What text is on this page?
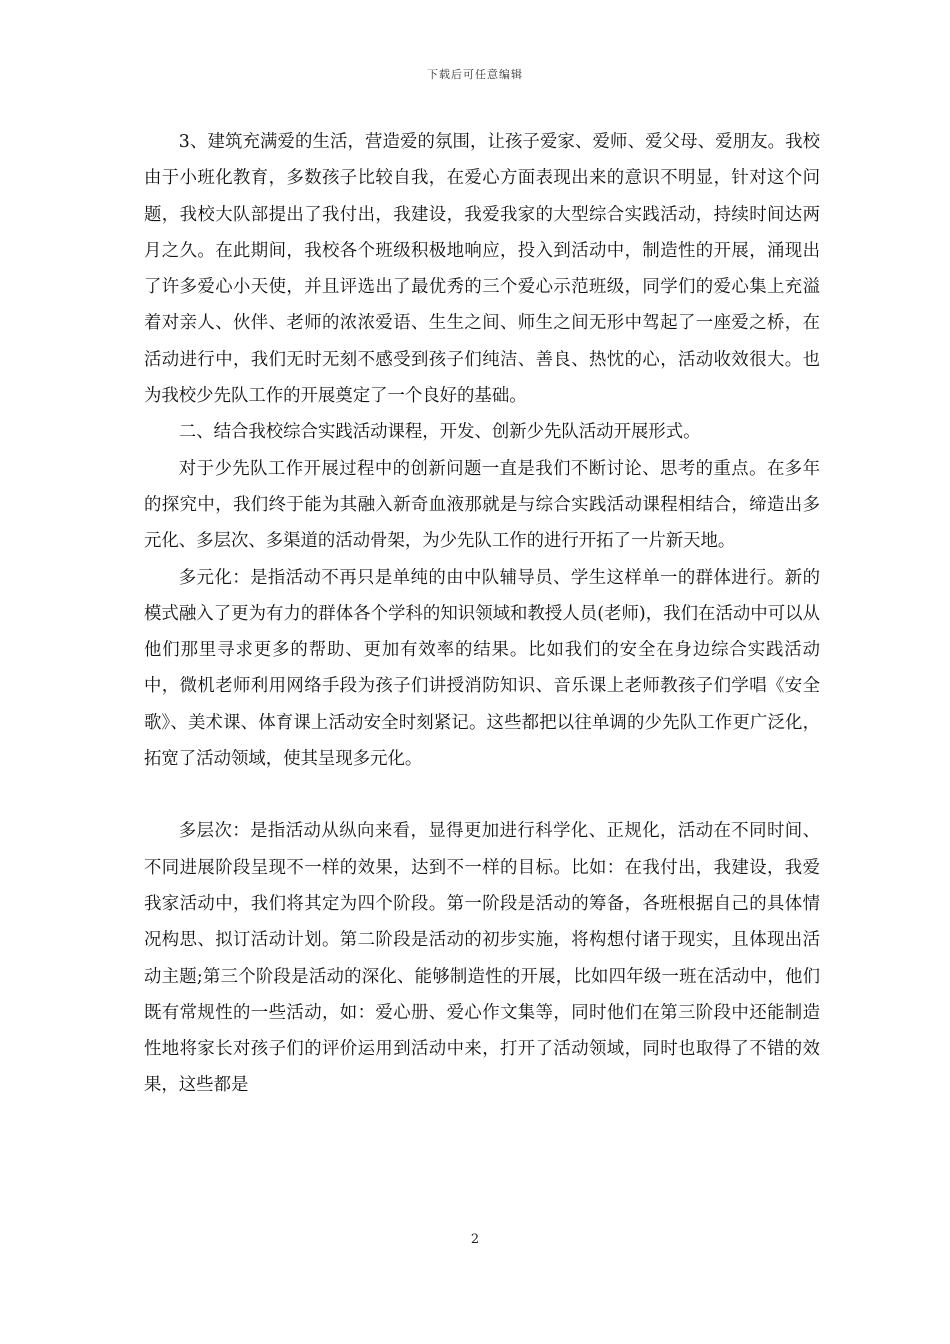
下载后可任意编辑

3、建筑充满爱的生活，营造爱的氛围，让孩子爱家、爱师、爱父母、爱朋友。我校由于小班化教育，多数孩子比较自我，在爱心方面表现出来的意识不明显，针对这个问题，我校大队部提出了我付出，我建设，我爱我家的大型综合实践活动，持续时间达两月之久。在此期间，我校各个班级积极地响应，投入到活动中，制造性的开展，涌现出了许多爱心小天使，并且评选出了最优秀的三个爱心示范班级，同学们的爱心集上充溢着对亲人、伙伴、老师的浓浓爱语、生生之间、师生之间无形中驾起了一座爱之桥，在活动进行中，我们无时无刻不感受到孩子们纯洁、善良、热忱的心，活动收效很大。也为我校少先队工作的开展奠定了一个良好的基础。

二、结合我校综合实践活动课程，开发、创新少先队活动开展形式。

对于少先队工作开展过程中的创新问题一直是我们不断讨论、思考的重点。在多年的探究中，我们终于能为其融入新奇血液那就是与综合实践活动课程相结合，缔造出多元化、多层次、多渠道的活动骨架，为少先队工作的进行开拓了一片新天地。

多元化：是指活动不再只是单纯的由中队辅导员、学生这样单一的群体进行。新的模式融入了更为有力的群体各个学科的知识领域和教授人员(老师)，我们在活动中可以从他们那里寻求更多的帮助、更加有效率的结果。比如我们的安全在身边综合实践活动中，微机老师利用网络手段为孩子们讲授消防知识、音乐课上老师教孩子们学唱《安全歌》、美术课、体育课上活动安全时刻紧记。这些都把以往单调的少先队工作更广泛化，拓宽了活动领域，使其呈现多元化。

多层次：是指活动从纵向来看，显得更加进行科学化、正规化，活动在不同时间、不同进展阶段呈现不一样的效果，达到不一样的目标。比如：在我付出，我建设，我爱我家活动中，我们将其定为四个阶段。第一阶段是活动的筹备，各班根据自己的具体情况构思、拟订活动计划。第二阶段是活动的初步实施，将构想付诸于现实，且体现出活动主题;第三个阶段是活动的深化、能够制造性的开展，比如四年级一班在活动中，他们既有常规性的一些活动，如：爱心册、爱心作文集等，同时他们在第三阶段中还能制造性地将家长对孩子们的评价运用到活动中来，打开了活动领域，同时也取得了不错的效果，这些都是

2
